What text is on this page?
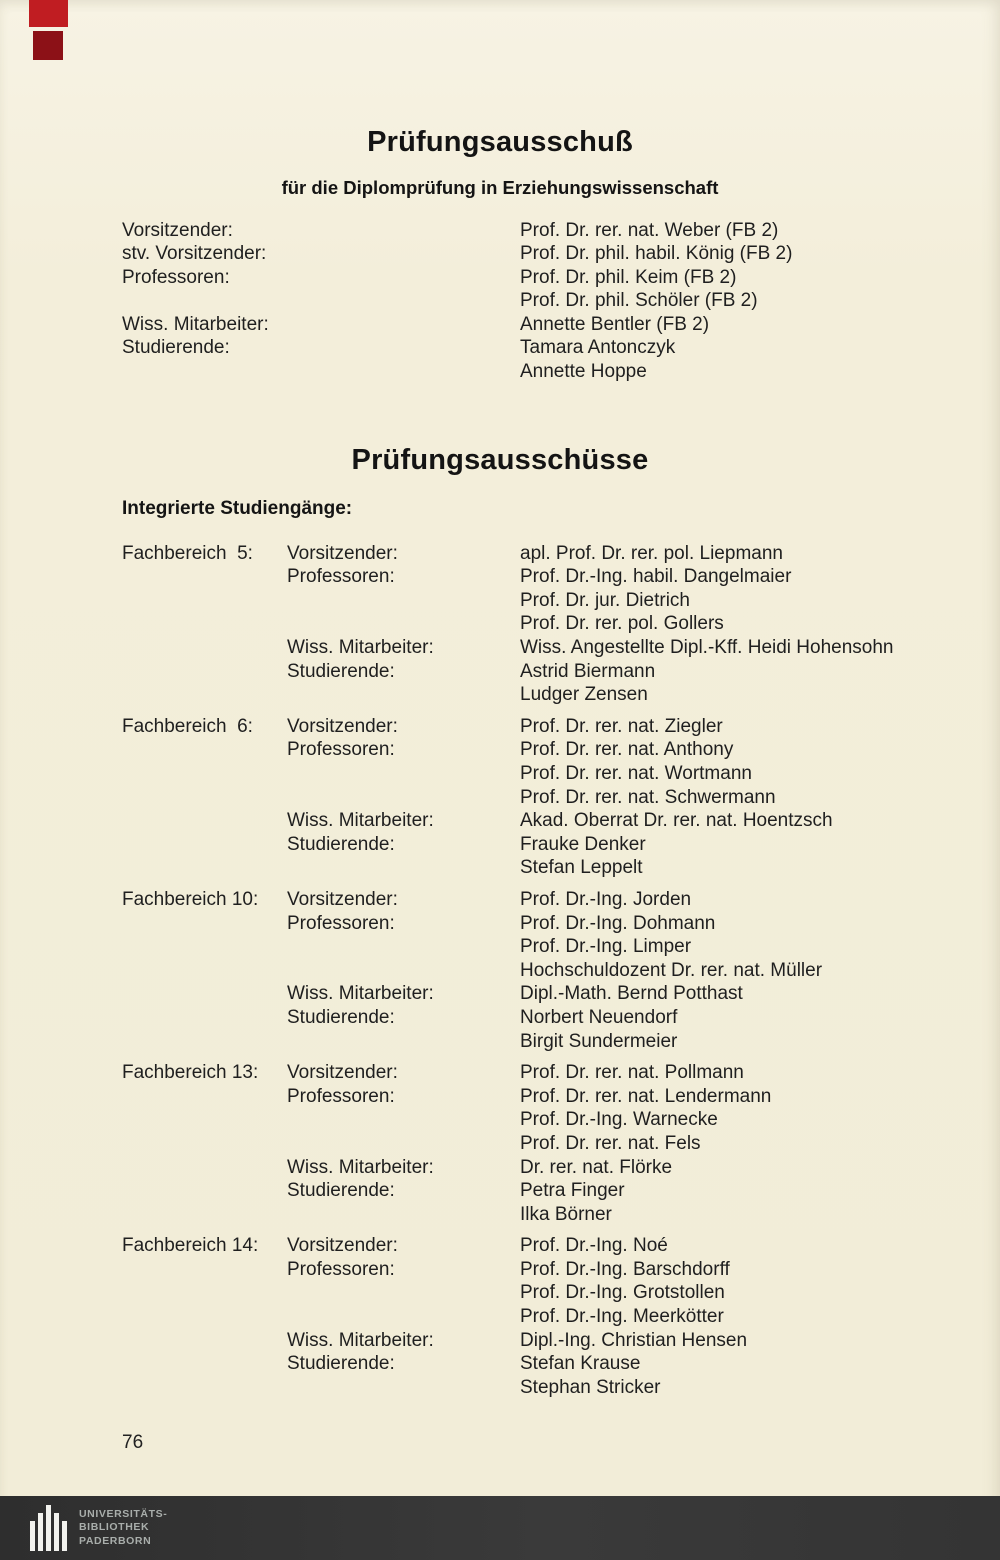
Prüfungsausschuß
für die Diplomprüfung in Erziehungswissenschaft
Vorsitzender:	Prof. Dr. rer. nat. Weber (FB 2)
stv. Vorsitzender:	Prof. Dr. phil. habil. König (FB 2)
Professoren:	Prof. Dr. phil. Keim (FB 2)
Prof. Dr. phil. Schöler (FB 2)
Wiss. Mitarbeiter:	Annette Bentler (FB 2)
Studierende:	Tamara Antonczyk
Annette Hoppe
Prüfungsausschüsse
Integrierte Studiengänge:
Fachbereich  5:	Vorsitzender:	apl. Prof. Dr. rer. pol. Liepmann
Professoren:	Prof. Dr.-Ing. habil. Dangelmaier
Prof. Dr. jur. Dietrich
Prof. Dr. rer. pol. Gollers
Wiss. Mitarbeiter:	Wiss. Angestellte Dipl.-Kff. Heidi Hohensohn
Studierende:	Astrid Biermann
Ludger Zensen
Fachbereich  6:	Vorsitzender:	Prof. Dr. rer. nat. Ziegler
Professoren:	Prof. Dr. rer. nat. Anthony
Prof. Dr. rer. nat. Wortmann
Prof. Dr. rer. nat. Schwermann
Wiss. Mitarbeiter:	Akad. Oberrat Dr. rer. nat. Hoentzsch
Studierende:	Frauke Denker
Stefan Leppelt
Fachbereich 10:	Vorsitzender:	Prof. Dr.-Ing. Jorden
Professoren:	Prof. Dr.-Ing. Dohmann
Prof. Dr.-Ing. Limper
Hochschuldozent Dr. rer. nat. Müller
Wiss. Mitarbeiter:	Dipl.-Math. Bernd Potthast
Studierende:	Norbert Neuendorf
Birgit Sundermeier
Fachbereich 13:	Vorsitzender:	Prof. Dr. rer. nat. Pollmann
Professoren:	Prof. Dr. rer. nat. Lendermann
Prof. Dr.-Ing. Warnecke
Prof. Dr. rer. nat. Fels
Wiss. Mitarbeiter:	Dr. rer. nat. Flörke
Studierende:	Petra Finger
Ilka Börner
Fachbereich 14:	Vorsitzender:	Prof. Dr.-Ing. Noé
Professoren:	Prof. Dr.-Ing. Barschdorff
Prof. Dr.-Ing. Grotstollen
Prof. Dr.-Ing. Meerkötter
Wiss. Mitarbeiter:	Dipl.-Ing. Christian Hensen
Studierende:	Stefan Krause
Stephan Stricker
76
UNIVERSITÄTS-
BIBLIOTHEK
PADERBORN
